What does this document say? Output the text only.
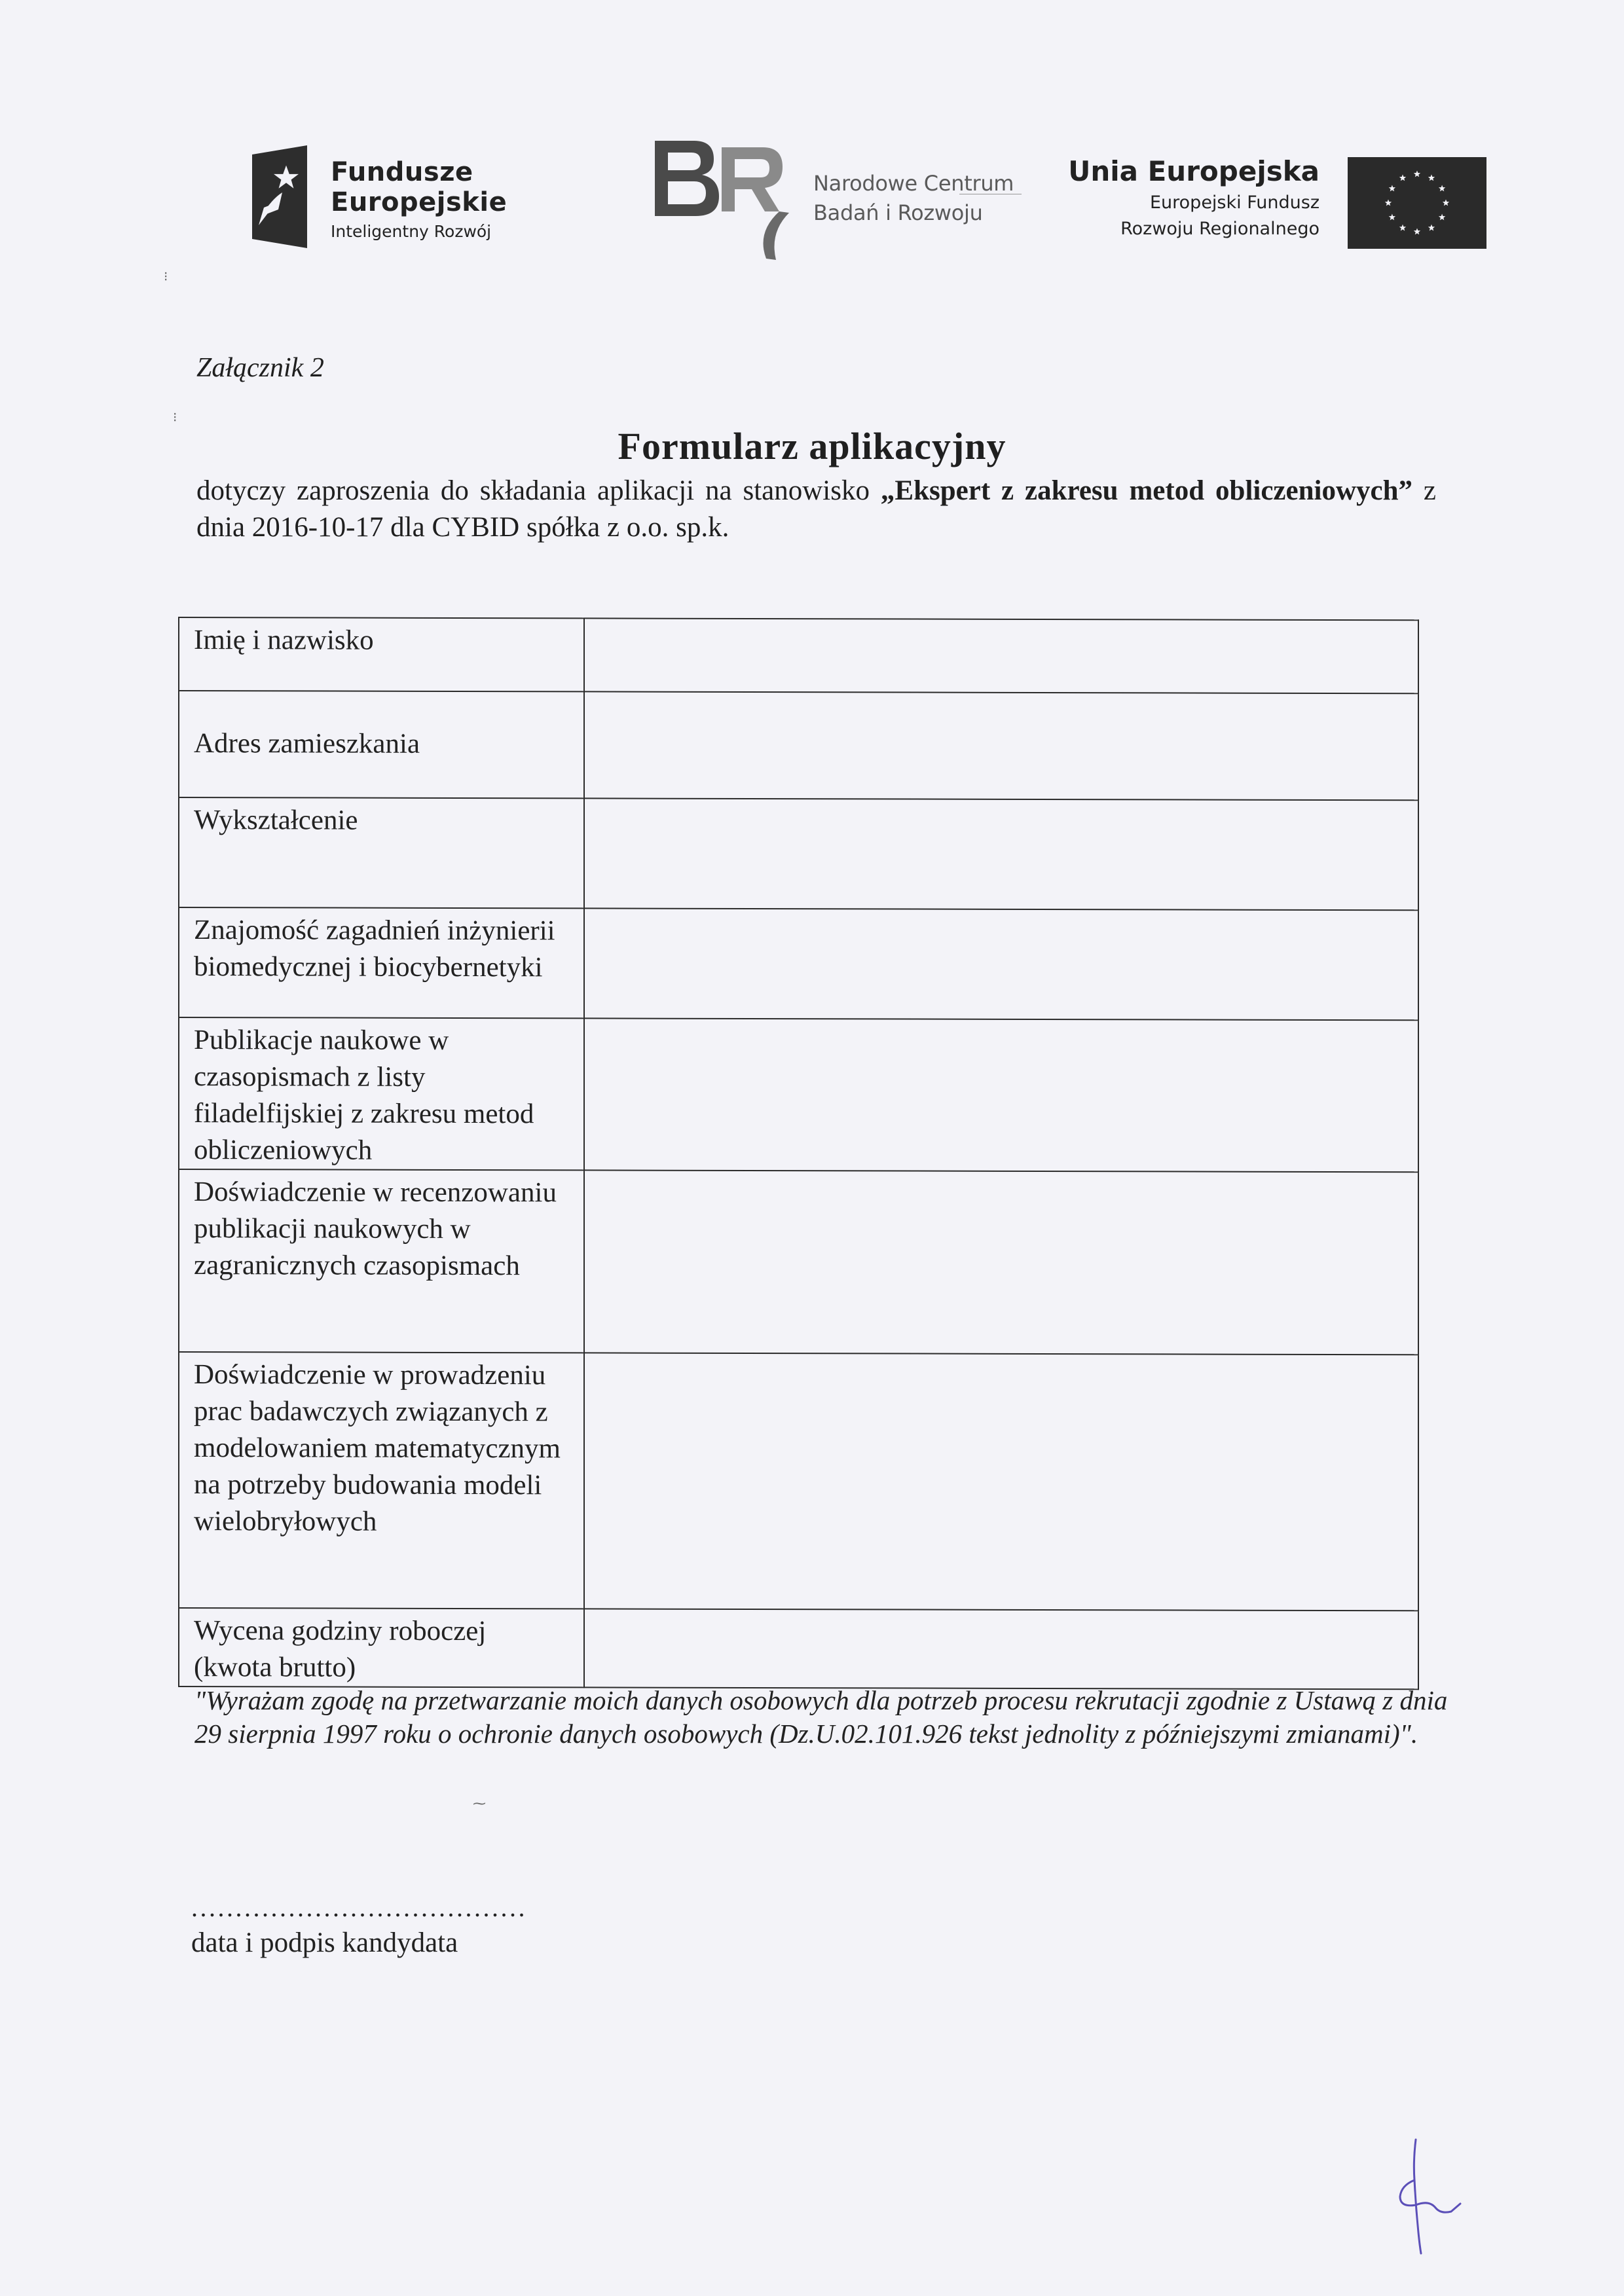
Fundusze
Europejskie
Inteligentny Rozwój
Narodowe Centrum
Badań i Rozwoju
Unia Europejska
Europejski Fundusz
Rozwoju Regionalnego
Załącznik 2
Formularz aplikacyjny
dotyczy zaproszenia do składania aplikacji na stanowisko „Ekspert z zakresu metod obliczeniowych” z dnia 2016-10-17 dla CYBID spółka z o.o. sp.k.
Imię i nazwisko	
Adres zamieszkania	
Wykształcenie	
Znajomość zagadnień inżynierii biomedycznej i biocybernetyki	
Publikacje naukowe w czasopismach z listy filadelfijskiej z zakresu metod obliczeniowych	
Doświadczenie w recenzowaniu publikacji naukowych w zagranicznych czasopismach	
Doświadczenie w prowadzeniu prac badawczych związanych z modelowaniem matematycznym na potrzeby budowania modeli wielobryłowych	
Wycena godziny roboczej (kwota brutto)	
"Wyrażam zgodę na przetwarzanie moich danych osobowych dla potrzeb procesu rekrutacji zgodnie z Ustawą z dnia 29 sierpnia 1997 roku o ochronie danych osobowych (Dz.U.02.101.926 tekst jednolity z późniejszymi zmianami)".
......................................
data i podpis kandydata
⁝
⁝
⁓
